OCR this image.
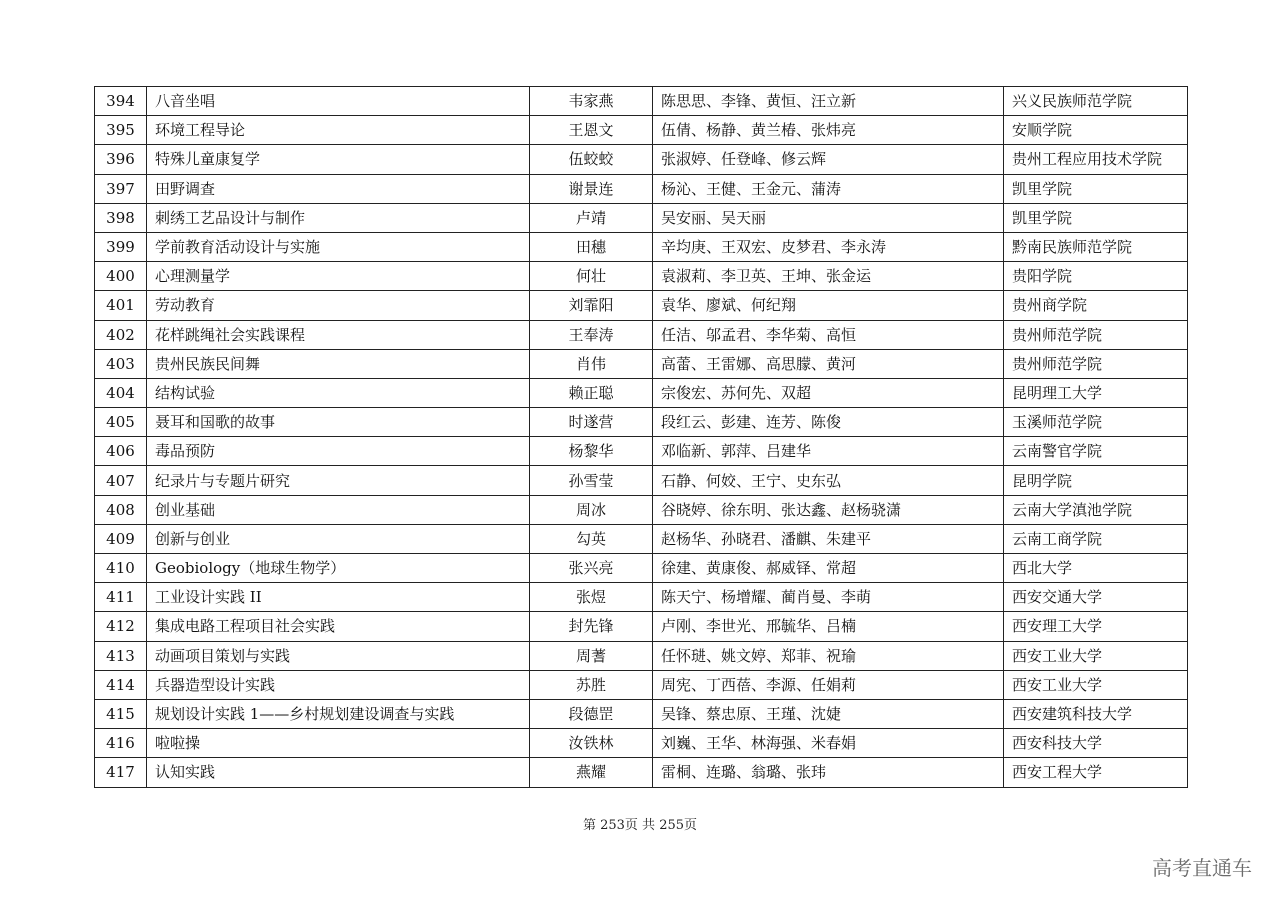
394	八音坐唱	韦家燕	陈思思、李锋、黄恒、汪立新	兴义民族师范学院
395	环境工程导论	王恩文	伍倩、杨静、黄兰椿、张炜亮	安顺学院
396	特殊儿童康复学	伍蛟蛟	张淑婷、任登峰、修云辉	贵州工程应用技术学院
397	田野调查	谢景连	杨沁、王健、王金元、蒲涛	凯里学院
398	刺绣工艺品设计与制作	卢靖	吴安丽、吴天丽	凯里学院
399	学前教育活动设计与实施	田穗	辛均庚、王双宏、皮梦君、李永涛	黔南民族师范学院
400	心理测量学	何壮	袁淑莉、李卫英、王坤、张金运	贵阳学院
401	劳动教育	刘霏阳	袁华、廖斌、何纪翔	贵州商学院
402	花样跳绳社会实践课程	王奉涛	任洁、邬孟君、李华菊、高恒	贵州师范学院
403	贵州民族民间舞	肖伟	高蕾、王雷娜、高思朦、黄河	贵州师范学院
404	结构试验	赖正聪	宗俊宏、苏何先、双超	昆明理工大学
405	聂耳和国歌的故事	时遂营	段红云、彭建、连芳、陈俊	玉溪师范学院
406	毒品预防	杨黎华	邓临新、郭萍、吕建华	云南警官学院
407	纪录片与专题片研究	孙雪莹	石静、何姣、王宁、史东弘	昆明学院
408	创业基础	周冰	谷晓婷、徐东明、张达鑫、赵杨骁潇	云南大学滇池学院
409	创新与创业	勾英	赵杨华、孙晓君、潘麒、朱建平	云南工商学院
410	Geobiology（地球生物学）	张兴亮	徐建、黄康俊、郝威铎、常超	西北大学
411	工业设计实践 II	张煜	陈天宁、杨增耀、蔺肖曼、李萌	西安交通大学
412	集成电路工程项目社会实践	封先锋	卢刚、李世光、邢毓华、吕楠	西安理工大学
413	动画项目策划与实践	周蓍	任怀琎、姚文婷、郑菲、祝瑜	西安工业大学
414	兵器造型设计实践	苏胜	周宪、丁西蓓、李源、任娟莉	西安工业大学
415	规划设计实践 1——乡村规划建设调查与实践	段德罡	吴锋、蔡忠原、王瑾、沈婕	西安建筑科技大学
416	啦啦操	汝铁林	刘巍、王华、林海强、米春娟	西安科技大学
417	认知实践	燕耀	雷桐、连璐、翁璐、张玮	西安工程大学
第 253页 共 255页
高考直通车
